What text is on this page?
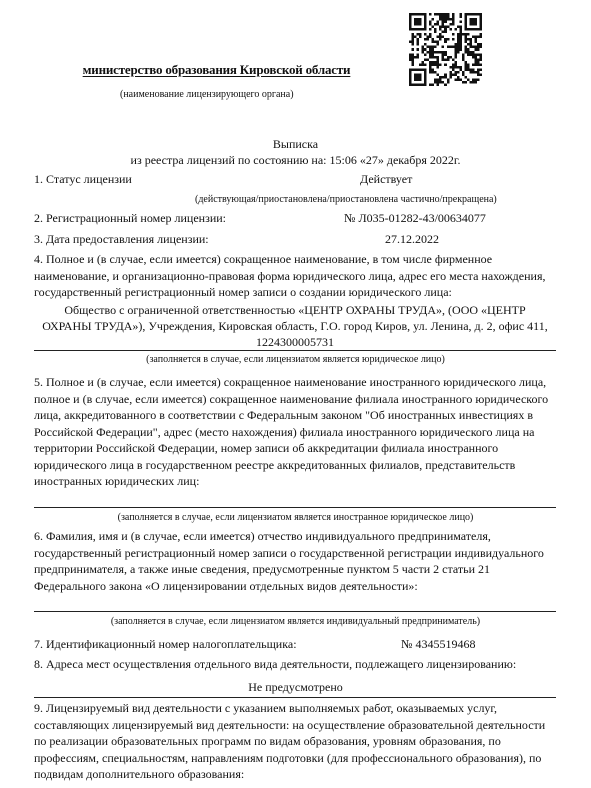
министерство образования Кировской области
(наименование лицензирующего органа)
Выписка
из реестра лицензий по состоянию на: 15:06 «27» декабря 2022г.
1. Статус лицензии	Действует
(действующая/приостановлена/приостановлена частично/прекращена)
2. Регистрационный номер лицензии:	№ Л035-01282-43/00634077
3. Дата предоставления лицензии:	27.12.2022
4. Полное и (в случае, если имеется) сокращенное наименование, в том числе фирменное
наименование, и организационно-правовая форма юридического лица, адрес его места нахождения,
государственный регистрационный номер записи о создании юридического лица:
Общество с ограниченной ответственностью «ЦЕНТР ОХРАНЫ ТРУДА», (ООО «ЦЕНТР
ОХРАНЫ ТРУДА»), Учреждения, Кировская область, Г.О. город Киров, ул. Ленина, д. 2, офис 411,
1224300005731
(заполняется в случае, если лицензиатом является юридическое лицо)
5. Полное и (в случае, если имеется) сокращенное наименование иностранного юридического лица,
полное и (в случае, если имеется) сокращенное наименование филиала иностранного юридического
лица, аккредитованного в соответствии с Федеральным законом "Об иностранных инвестициях в
Российской Федерации", адрес (место нахождения) филиала иностранного юридического лица на
территории Российской Федерации, номер записи об аккредитации филиала иностранного
юридического лица в государственном реестре аккредитованных филиалов, представительств
иностранных юридических лиц:
(заполняется в случае, если лицензиатом является иностранное юридическое лицо)
6. Фамилия, имя и (в случае, если имеется) отчество индивидуального предпринимателя,
государственный регистрационный номер записи о государственной регистрации индивидуального
предпринимателя, а также иные сведения, предусмотренные пунктом 5 части 2 статьи 21
Федерального закона «О лицензировании отдельных видов деятельности»:
(заполняется в случае, если лицензиатом является индивидуальный предприниматель)
7. Идентификационный номер налогоплательщика:	№ 4345519468
8. Адреса мест осуществления отдельного вида деятельности, подлежащего лицензированию:
Не предусмотрено
9. Лицензируемый вид деятельности с указанием выполняемых работ, оказываемых услуг,
составляющих лицензируемый вид деятельности: на осуществление образовательной деятельности
по реализации образовательных программ по видам образования, уровням образования, по
профессиям, специальностям, направлениям подготовки (для профессионального образования), по
подвидам дополнительного образования:
